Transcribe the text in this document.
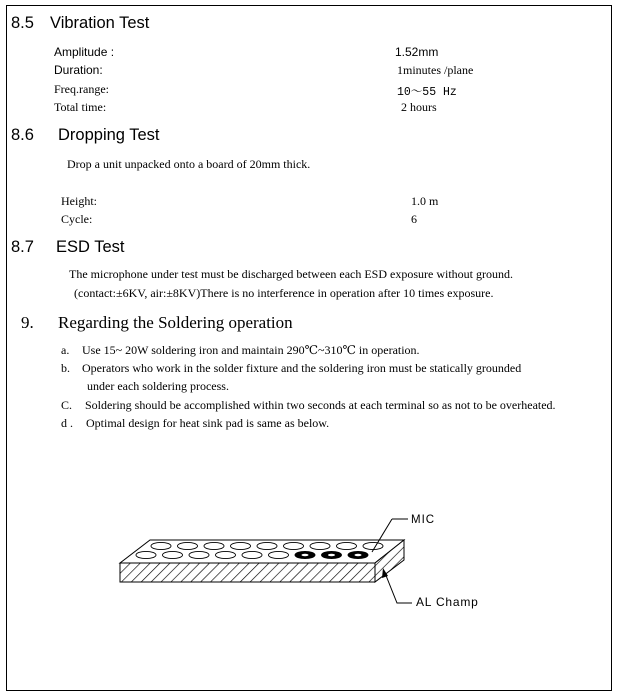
8.5 Vibration Test
Amplitude :	1.52mm
Duration:	1minutes /plane
Freq.range:	10～55 Hz
Total time:	2 hours
8.6 Dropping Test
Drop a unit unpacked onto a board of 20mm thick.
Height:	1.0 m
Cycle:	6
8.7 ESD Test
The microphone under test must be discharged between each ESD exposure without ground.
(contact:±6KV, air:±8KV)There is no interference in operation after 10 times exposure.
9. Regarding the Soldering operation
a. Use 15~ 20W soldering iron and maintain 290℃~310℃ in operation.
b. Operators who work in the solder fixture and the soldering iron must be statically grounded
under each soldering process.
C. Soldering should be accomplished within two seconds at each terminal so as not to be overheated.
d . Optimal design for heat sink pad is same as below.
MIC
AL Champ
